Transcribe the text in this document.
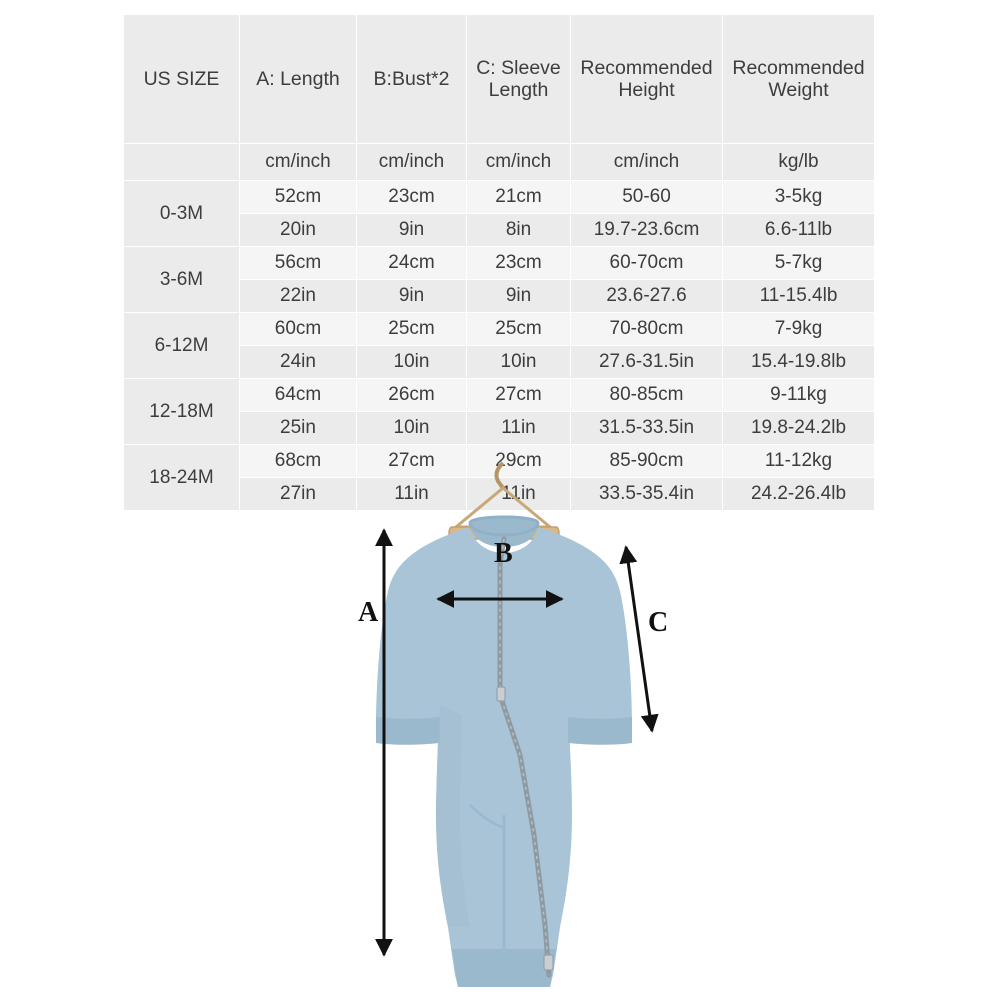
US SIZE	A: Length	B:Bust*2	C: Sleeve Length	Recommended Height	Recommended Weight
	cm/inch	cm/inch	cm/inch	cm/inch	kg/lb
0-3M	52cm	23cm	21cm	50-60	3-5kg
	20in	9in	8in	19.7-23.6cm	6.6-11lb
3-6M	56cm	24cm	23cm	60-70cm	5-7kg
	22in	9in	9in	23.6-27.6	11-15.4lb
6-12M	60cm	25cm	25cm	70-80cm	7-9kg
	24in	10in	10in	27.6-31.5in	15.4-19.8lb
12-18M	64cm	26cm	27cm	80-85cm	9-11kg
	25in	10in	11in	31.5-33.5in	19.8-24.2lb
18-24M	68cm	27cm	29cm	85-90cm	11-12kg
	27in	11in	11in	33.5-35.4in	24.2-26.4lb
A
B
C
